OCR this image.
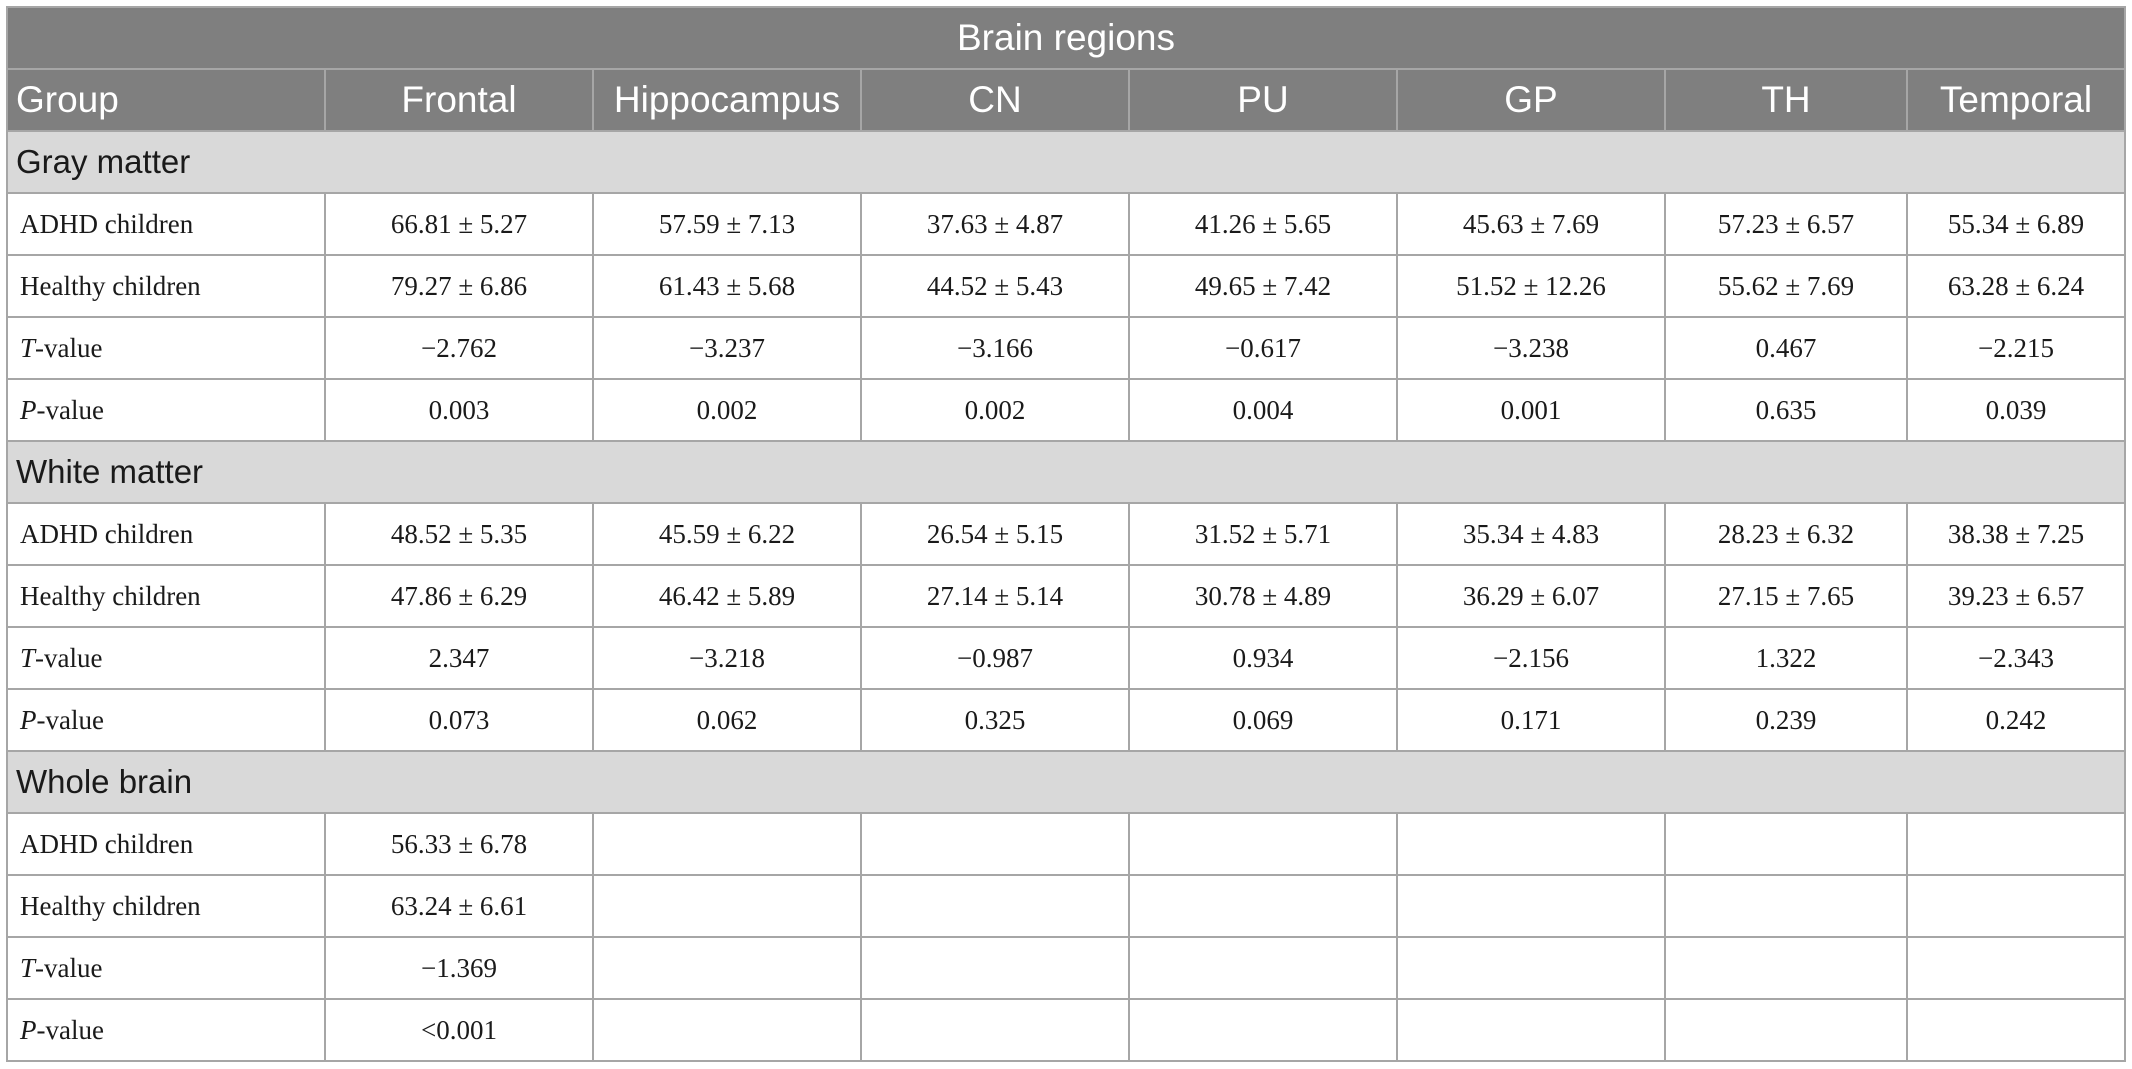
Brain regions							
Group	Frontal	Hippocampus	CN	PU	GP	TH	Temporal
Gray matter							
ADHD children	66.81 ± 5.27	57.59 ± 7.13	37.63 ± 4.87	41.26 ± 5.65	45.63 ± 7.69	57.23 ± 6.57	55.34 ± 6.89
Healthy children	79.27 ± 6.86	61.43 ± 5.68	44.52 ± 5.43	49.65 ± 7.42	51.52 ± 12.26	55.62 ± 7.69	63.28 ± 6.24
T-value	−2.762	−3.237	−3.166	−0.617	−3.238	0.467	−2.215
P-value	0.003	0.002	0.002	0.004	0.001	0.635	0.039
White matter							
ADHD children	48.52 ± 5.35	45.59 ± 6.22	26.54 ± 5.15	31.52 ± 5.71	35.34 ± 4.83	28.23 ± 6.32	38.38 ± 7.25
Healthy children	47.86 ± 6.29	46.42 ± 5.89	27.14 ± 5.14	30.78 ± 4.89	36.29 ± 6.07	27.15 ± 7.65	39.23 ± 6.57
T-value	2.347	−3.218	−0.987	0.934	−2.156	1.322	−2.343
P-value	0.073	0.062	0.325	0.069	0.171	0.239	0.242
Whole brain							
ADHD children	56.33 ± 6.78						
Healthy children	63.24 ± 6.61						
T-value	−1.369						
P-value	<0.001						
